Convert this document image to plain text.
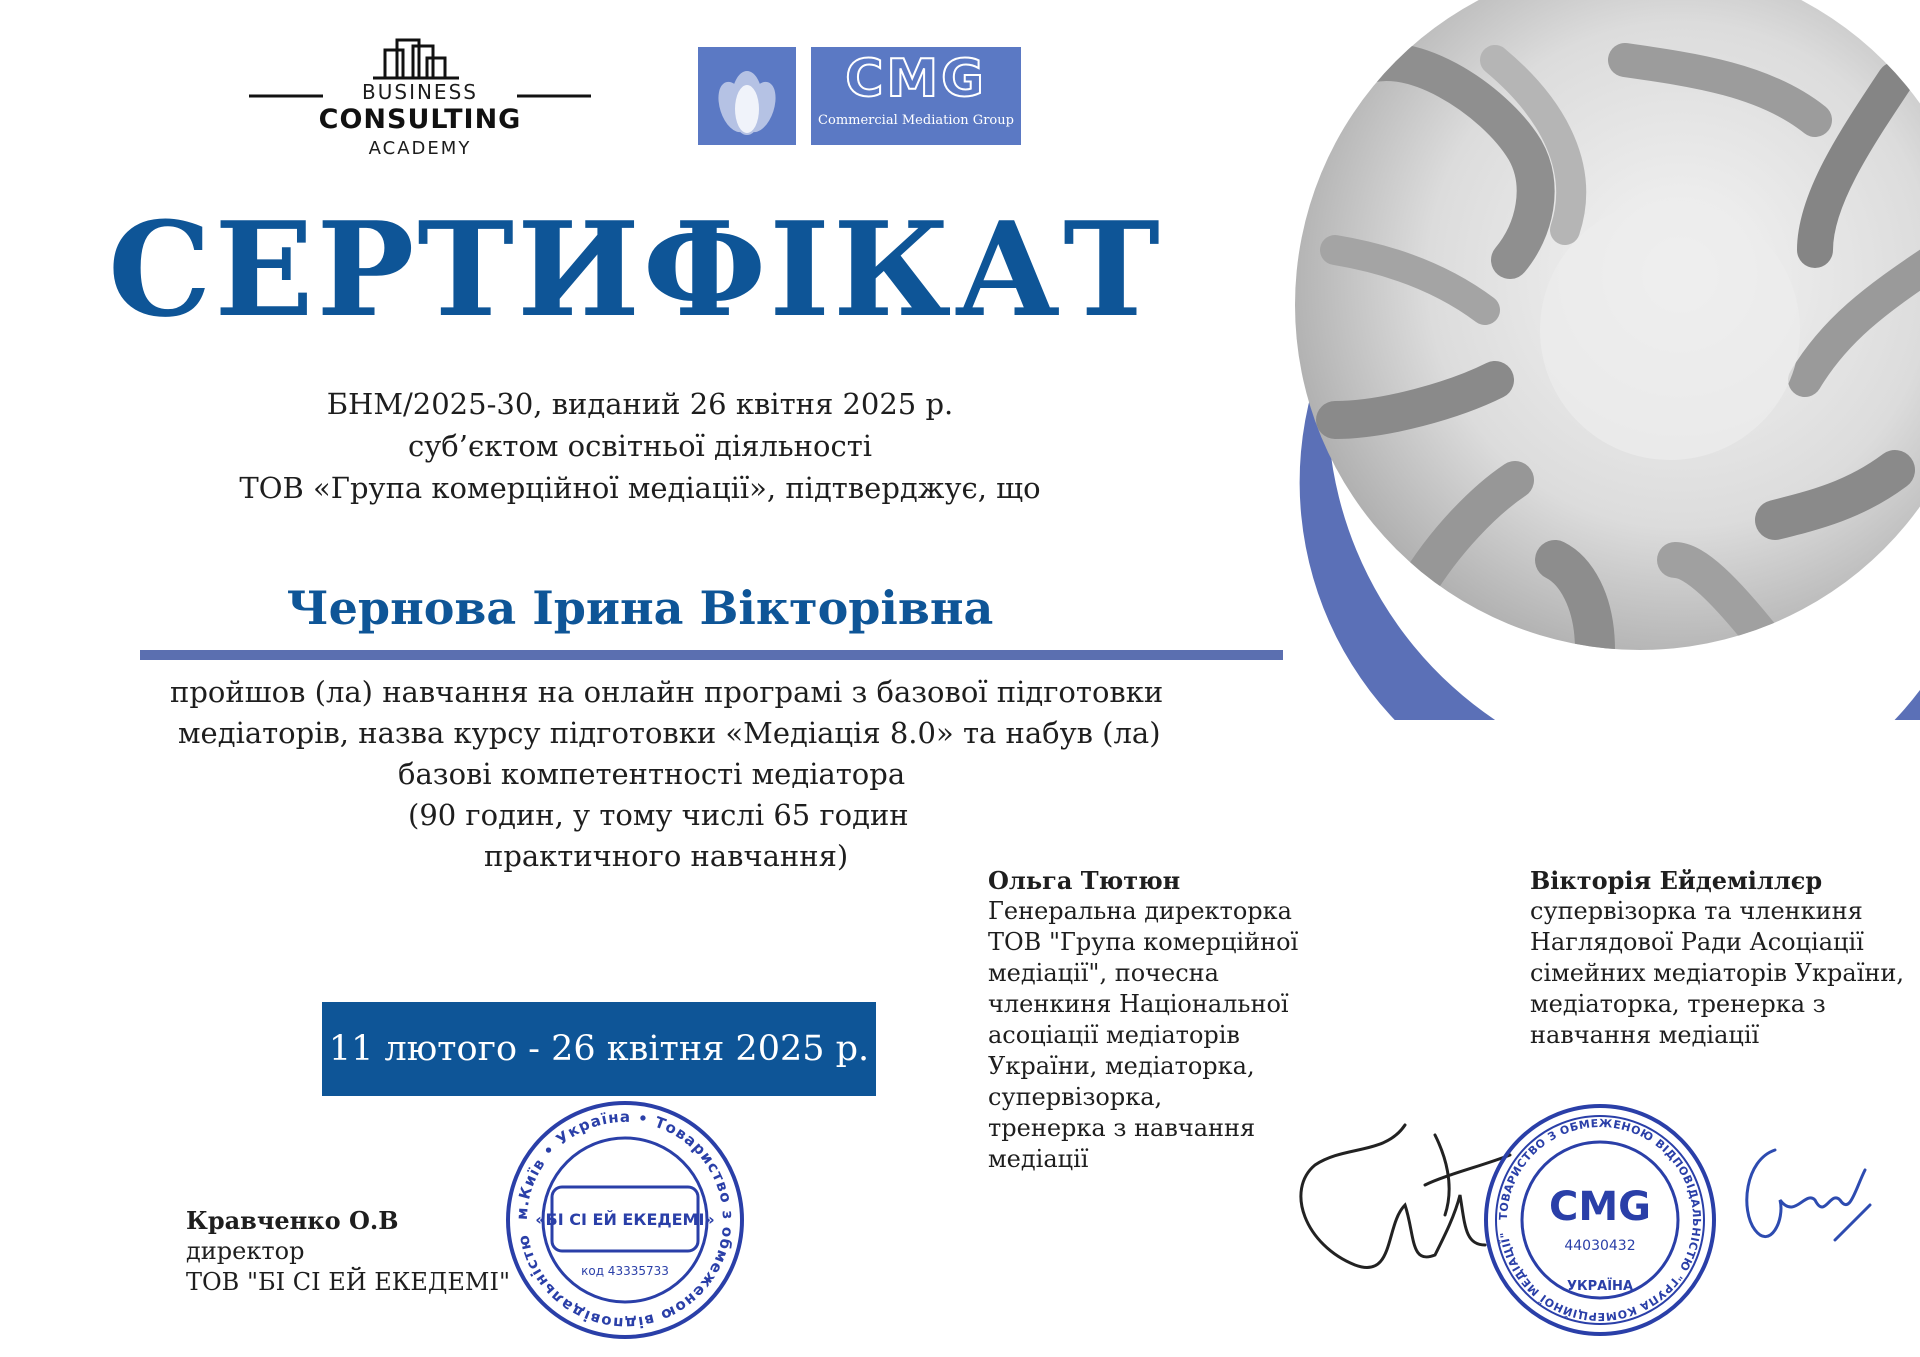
BUSINESS
CONSULTING
ACADEMY
CMG
Commercial Mediation Group
СЕРТИФІКАТ
БНМ/2025-30, виданий 26 квітня 2025 р.
суб’єктом освітньої діяльності
ТОВ «Група комерційної медіації», підтверджує, що
Чернова Ірина Вікторівна
пройшов (ла) навчання на онлайн програмі з базової підготовки
медіаторів, назва курсу підготовки «Медіація 8.0» та набув (ла)
базові компетентності медіатора
(90 годин, у тому числі 65 годин
практичного навчання)
11 лютого - 26 квітня 2025 р.
Ольга Тютюн
Генеральна директорка
ТОВ "Група комерційної
медіації", почесна
членкиня Національної
асоціації медіаторів
України, медіаторка,
супервізорка,
тренерка з навчання
медіації
Вікторія Ейдеміллєр
супервізорка та членкиня
Наглядової Ради Асоціації
сімейних медіаторів України,
медіаторка, тренерка з
навчання медіації
Кравченко О.В
директор
ТОВ "БІ СІ ЕЙ ЕКЕДЕМІ"
м.Київ • Україна • Товариство з обмеженою відповідальністю
«БІ СІ ЕЙ ЕКЕДЕМІ»
код 43335733
ТОВАРИСТВО З ОБМЕЖЕНОЮ ВІДПОВІДАЛЬНІСТЮ "ГРУПА КОМЕРЦІЙНОЇ МЕДІАЦІЇ"
CMG
44030432
УКРАЇНА
